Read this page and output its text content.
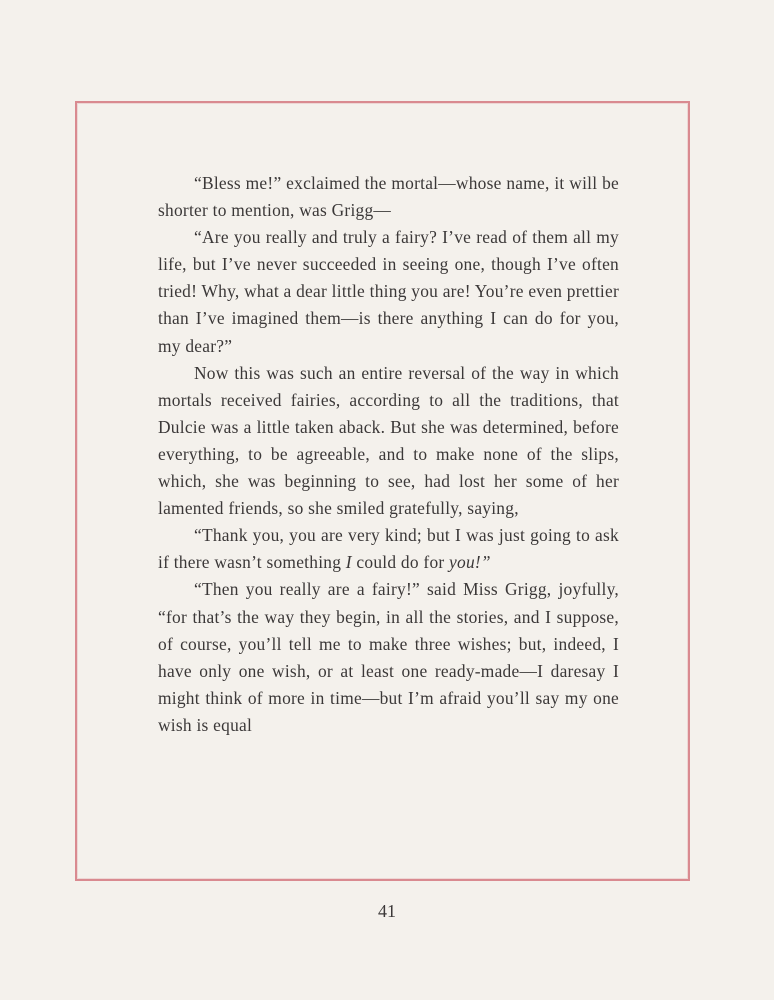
“Bless me!” exclaimed the mortal—whose name, it will be shorter to mention, was Grigg—

“Are you really and truly a fairy? I’ve read of them all my life, but I’ve never succeeded in seeing one, though I’ve often tried! Why, what a dear little thing you are! You’re even prettier than I’ve imagined them—is there anything I can do for you, my dear?”

Now this was such an entire reversal of the way in which mortals received fairies, according to all the traditions, that Dulcie was a little taken aback. But she was determined, before everything, to be agreeable, and to make none of the slips, which, she was beginning to see, had lost her some of her lamented friends, so she smiled gratefully, saying,

“Thank you, you are very kind; but I was just going to ask if there wasn’t something I could do for you!”

“Then you really are a fairy!” said Miss Grigg, joyfully, “for that’s the way they begin, in all the stories, and I suppose, of course, you’ll tell me to make three wishes; but, indeed, I have only one wish, or at least one ready-made—I daresay I might think of more in time—but I’m afraid you’ll say my one wish is equal

41
